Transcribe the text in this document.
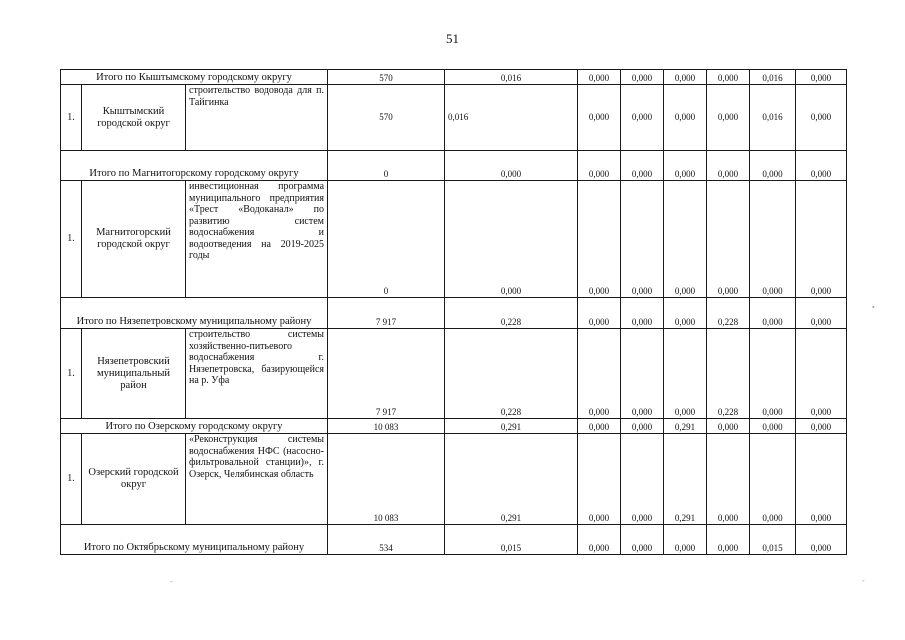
51
Итого по Кыштымскому городскому округу			570	0,016	0,000	0,000	0,000	0,000	0,016	0,000
1.	Кыштымский городской округ	строительство водовода для п. Тайгинка	570	0,016	0,000	0,000	0,000	0,000	0,016	0,000
Итого по Магнитогорскому городскому округу			0	0,000	0,000	0,000	0,000	0,000	0,000	0,000
1.	Магнитогорский городской округ	инвестиционная программа муниципального предприятия «Трест «Водоканал» по развитию систем водоснабжения и водоотведения на 2019-2025 годы	0	0,000	0,000	0,000	0,000	0,000	0,000	0,000
Итого по Нязепетровскому муниципальному району			7 917	0,228	0,000	0,000	0,000	0,228	0,000	0,000
1.	Нязепетровский муниципальный район	строительство системы хозяйственно-питьевого водоснабжения г. Нязепетровска, базирующейся на р. Уфа	7 917	0,228	0,000	0,000	0,000	0,228	0,000	0,000
Итого по Озерскому городскому округу			10 083	0,291	0,000	0,000	0,291	0,000	0,000	0,000
1.	Озерский городской округ	«Реконструкция системы водоснабжения НФС (насосно-фильтровальной станции)», г. Озерск, Челябинская область	10 083	0,291	0,000	0,000	0,291	0,000	0,000	0,000
Итого по Октябрьскому муниципальному району			534	0,015	0,000	0,000	0,000	0,000	0,015	0,000
•
-	-
